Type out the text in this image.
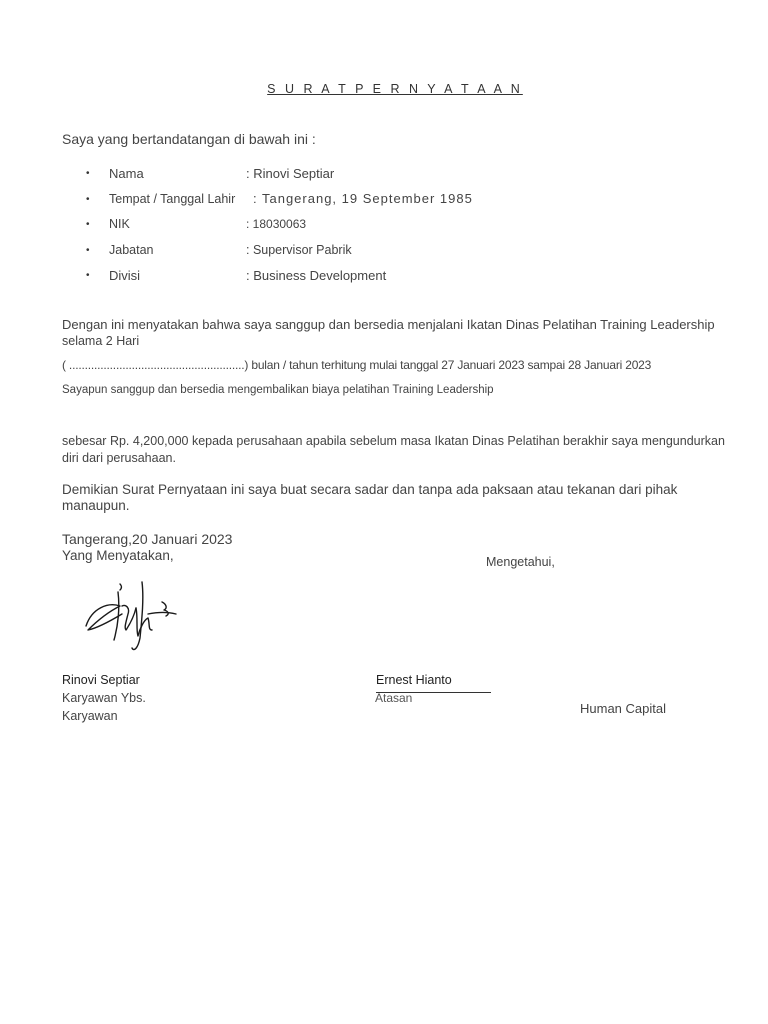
S U R A T P E R N Y A T A A N
Saya yang bertandatangan di bawah ini :
• Nama	: Rinovi Septiar
• Tempat / Tanggal Lahir : Tangerang, 19 September 1985
• NIK	: 18030063
• Jabatan	: Supervisor Pabrik
• Divisi	: Business Development
Dengan ini menyatakan bahwa saya sanggup dan bersedia menjalani Ikatan Dinas Pelatihan Training Leadership
selama 2 Hari
( ........................................................) bulan / tahun terhitung mulai tanggal 27 Januari 2023 sampai 28 Januari 2023
Sayapun sanggup dan bersedia mengembalikan biaya pelatihan Training Leadership
sebesar Rp. 4,200,000 kepada perusahaan apabila sebelum masa Ikatan Dinas Pelatihan berakhir saya mengundurkan
diri dari perusahaan.
Demikian Surat Pernyataan ini saya buat secara sadar dan tanpa ada paksaan atau tekanan dari pihak
manaupun.
Tangerang,20 Januari 2023
Yang Menyatakan,	Mengetahui,
Rinovi Septiar
Karyawan Ybs.
Karyawan
Ernest Hianto
Atasan
Human Capital
